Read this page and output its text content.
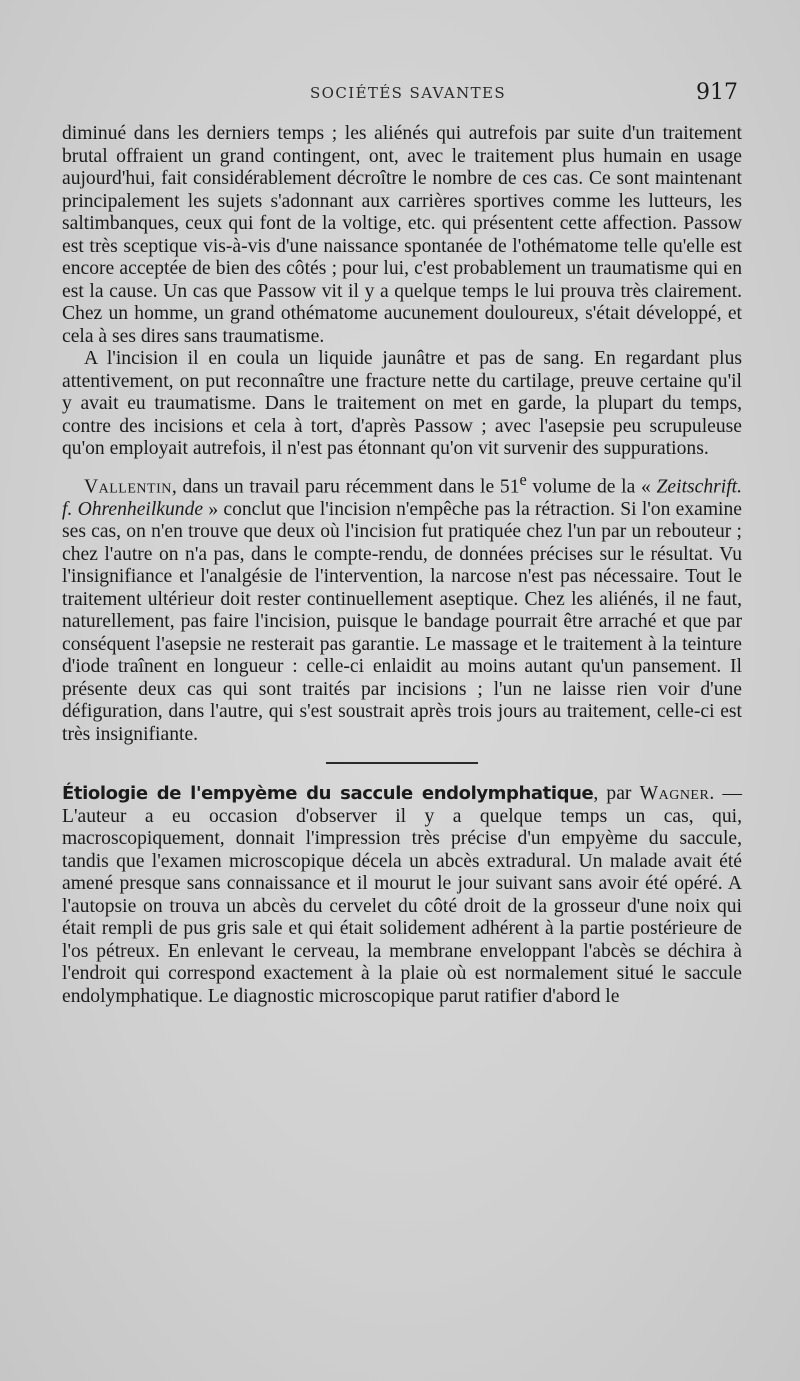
SOCIÉTÉS SAVANTES	917

diminué dans les derniers temps ; les aliénés qui autrefois par suite d'un traitement brutal offraient un grand contingent, ont, avec le traitement plus humain en usage aujourd'hui, fait considérablement décroître le nombre de ces cas. Ce sont maintenant principalement les sujets s'adonnant aux carrières sportives comme les lutteurs, les saltimbanques, ceux qui font de la voltige, etc. qui présentent cette affection. Passow est très sceptique vis-à-vis d'une naissance spontanée de l'othématome telle qu'elle est encore acceptée de bien des côtés ; pour lui, c'est probablement un traumatisme qui en est la cause. Un cas que Passow vit il y a quelque temps le lui prouva très clairement. Chez un homme, un grand othématome aucunement douloureux, s'était développé, et cela à ses dires sans traumatisme.

A l'incision il en coula un liquide jaunâtre et pas de sang. En regardant plus attentivement, on put reconnaître une fracture nette du cartilage, preuve certaine qu'il y avait eu traumatisme. Dans le traitement on met en garde, la plupart du temps, contre des incisions et cela à tort, d'après Passow ; avec l'asepsie peu scrupuleuse qu'on employait autrefois, il n'est pas étonnant qu'on vit survenir des suppurations.

Vallentin, dans un travail paru récemment dans le 51e volume de la « Zeitschrift. f. Ohrenheilkunde » conclut que l'incision n'empêche pas la rétraction. Si l'on examine ses cas, on n'en trouve que deux où l'incision fut pratiquée chez l'un par un rebouteur ; chez l'autre on n'a pas, dans le compte-rendu, de données précises sur le résultat. Vu l'insignifiance et l'analgésie de l'intervention, la narcose n'est pas nécessaire. Tout le traitement ultérieur doit rester continuellement aseptique. Chez les aliénés, il ne faut, naturellement, pas faire l'incision, puisque le bandage pourrait être arraché et que par conséquent l'asepsie ne resterait pas garantie. Le massage et le traitement à la teinture d'iode traînent en longueur : celle-ci enlaidit au moins autant qu'un pansement. Il présente deux cas qui sont traités par incisions ; l'un ne laisse rien voir d'une défiguration, dans l'autre, qui s'est soustrait après trois jours au traitement, celle-ci est très insignifiante.

Étiologie de l'empyème du saccule endolymphatique, par Wagner. — L'auteur a eu occasion d'observer il y a quelque temps un cas, qui, macroscopiquement, donnait l'impression très précise d'un empyème du saccule, tandis que l'examen microscopique décela un abcès extradural. Un malade avait été amené presque sans connaissance et il mourut le jour suivant sans avoir été opéré. A l'autopsie on trouva un abcès du cervelet du côté droit de la grosseur d'une noix qui était rempli de pus gris sale et qui était solidement adhérent à la partie postérieure de l'os pétreux. En enlevant le cerveau, la membrane enveloppant l'abcès se déchira à l'endroit qui correspond exactement à la plaie où est normalement situé le saccule endolymphatique. Le diagnostic microscopique parut ratifier d'abord le
